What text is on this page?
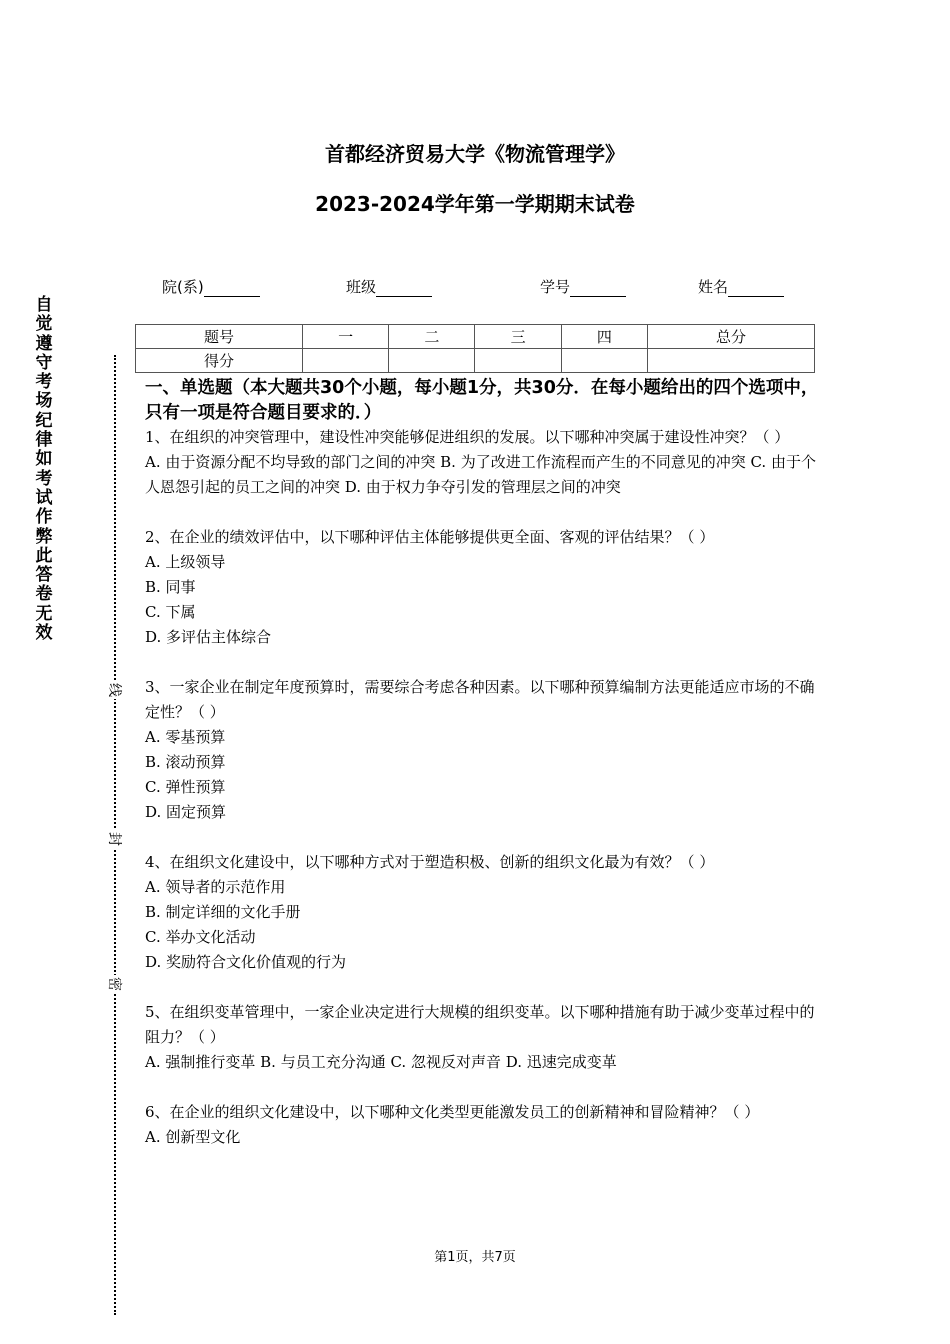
首都经济贸易大学《物流管理学》
2023-2024学年第一学期期末试卷
院(系)	班级	学号	姓名
题号	一	二	三	四	总分
得分					
一、单选题（本大题共30个小题，每小题1分，共30分．在每小题给出的四个选项中，只有一项是符合题目要求的．）
1、在组织的冲突管理中，建设性冲突能够促进组织的发展。以下哪种冲突属于建设性冲突？（ ）
A. 由于资源分配不均导致的部门之间的冲突 B. 为了改进工作流程而产生的不同意见的冲突 C. 由于个人恩怨引起的员工之间的冲突 D. 由于权力争夺引发的管理层之间的冲突
2、在企业的绩效评估中，以下哪种评估主体能够提供更全面、客观的评估结果？（ ）
A. 上级领导
B. 同事
C. 下属
D. 多评估主体综合
3、一家企业在制定年度预算时，需要综合考虑各种因素。以下哪种预算编制方法更能适应市场的不确定性？（ ）
A. 零基预算
B. 滚动预算
C. 弹性预算
D. 固定预算
4、在组织文化建设中，以下哪种方式对于塑造积极、创新的组织文化最为有效？（ ）
A. 领导者的示范作用
B. 制定详细的文化手册
C. 举办文化活动
D. 奖励符合文化价值观的行为
5、在组织变革管理中，一家企业决定进行大规模的组织变革。以下哪种措施有助于减少变革过程中的阻力？（ ）
A. 强制推行变革 B. 与员工充分沟通 C. 忽视反对声音 D. 迅速完成变革
6、在企业的组织文化建设中，以下哪种文化类型更能激发员工的创新精神和冒险精神？（ ）
A. 创新型文化
自觉遵守考场纪律如考试作弊此答卷无效
线
封
密
第1页，共7页
